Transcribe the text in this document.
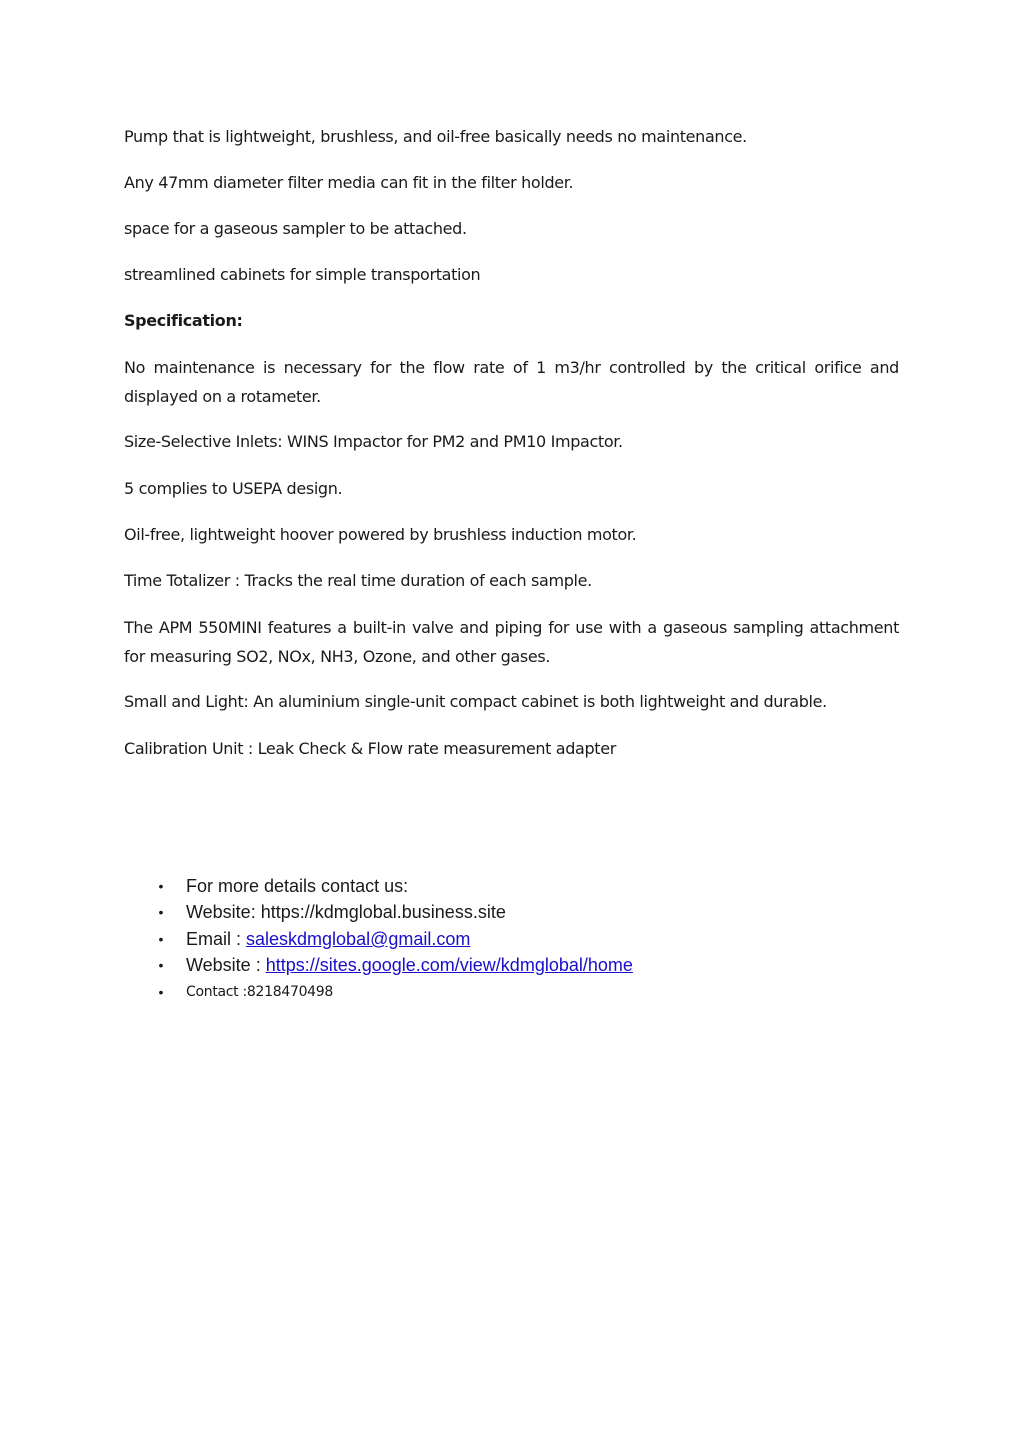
Pump that is lightweight, brushless, and oil-free basically needs no maintenance.

Any 47mm diameter filter media can fit in the filter holder.

space for a gaseous sampler to be attached.

streamlined cabinets for simple transportation

Specification:

No maintenance is necessary for the flow rate of 1 m3/hr controlled by the critical orifice and displayed on a rotameter.

Size-Selective Inlets: WINS Impactor for PM2 and PM10 Impactor.

5 complies to USEPA design.

Oil-free, lightweight hoover powered by brushless induction motor.

Time Totalizer : Tracks the real time duration of each sample.

The APM 550MINI features a built-in valve and piping for use with a gaseous sampling attachment for measuring SO2, NOx, NH3, Ozone, and other gases.

Small and Light: An aluminium single-unit compact cabinet is both lightweight and durable.

Calibration Unit : Leak Check & Flow rate measurement adapter

• For more details contact us:
• Website: https://kdmglobal.business.site
• Email : saleskdmglobal@gmail.com
• Website : https://sites.google.com/view/kdmglobal/home
•	Contact :8218470498
